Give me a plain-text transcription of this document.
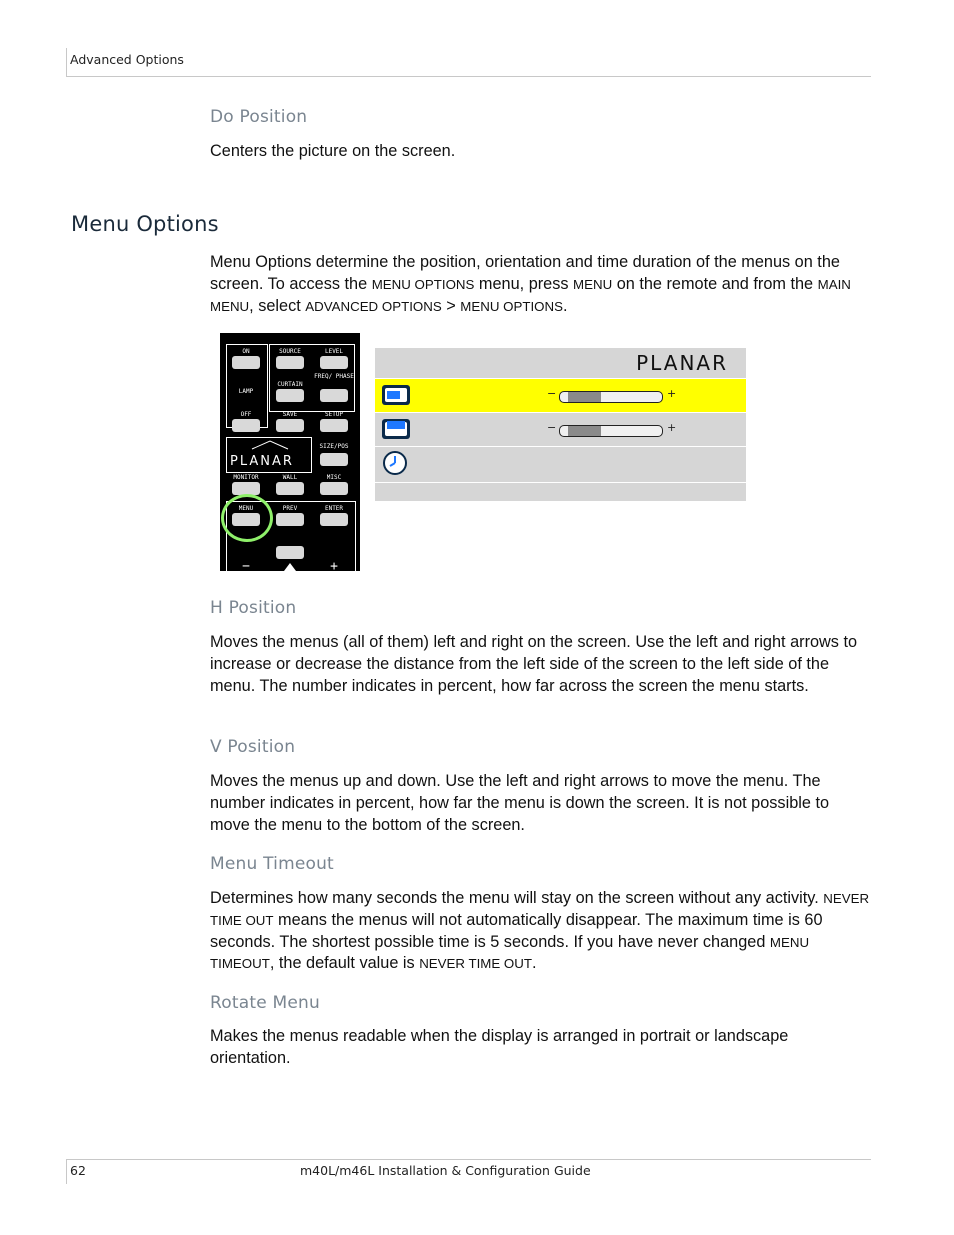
Advanced Options
Do Position
Centers the picture on the screen.
Menu Options
Menu Options determine the position, orientation and time duration of the menus on the screen. To access the MENU OPTIONS menu, press MENU on the remote and from the MAIN MENU, select ADVANCED OPTIONS > MENU OPTIONS.
ON	SOURCE	LEVEL
LAMP
CURTAIN
FREQ/ PHASE
OFF	SAVE	SETUP
PLANAR
SIZE/POS
MONITOR	WALL	MISC
MENU	PREV	ENTER
−	+
PLANAR
−	+
−	+
H Position
Moves the menus (all of them) left and right on the screen. Use the left and right arrows to increase or decrease the distance from the left side of the screen to the left side of the menu. The number indicates in percent, how far across the screen the menu starts.
V Position
Moves the menus up and down. Use the left and right arrows to move the menu. The number indicates in percent, how far the menu is down the screen. It is not possible to move the menu to the bottom of the screen.
Menu Timeout
Determines how many seconds the menu will stay on the screen without any activity. NEVER TIME OUT means the menus will not automatically disappear. The maximum time is 60 seconds. The shortest possible time is 5 seconds. If you have never changed MENU TIMEOUT, the default value is NEVER TIME OUT.
Rotate Menu
Makes the menus readable when the display is arranged in portrait or landscape orientation.
62	m40L/m46L Installation & Configuration Guide
